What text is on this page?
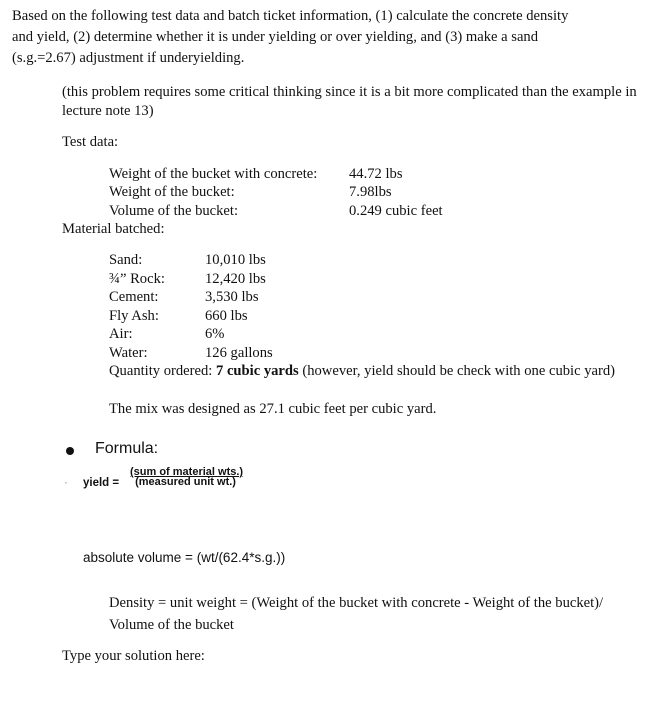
Based on the following test data and batch ticket information, (1) calculate the concrete density

and yield, (2) determine whether it is under yielding or over yielding, and (3) make a sand

(s.g.=2.67) adjustment if underyielding.

(this problem requires some critical thinking since it is a bit more complicated than the example in lecture note 13)
Test data:
Weight of the bucket with concrete: 44.72 lbs
Weight of the bucket:	7.98lbs
Volume of the bucket:	0.249 cubic feet
Material batched:
Sand:	10,010 lbs
¾” Rock:	12,420 lbs
Cement:	3,530 lbs
Fly Ash:	660 lbs
Air:	6%
Water:	126 gallons
Quantity ordered: 7 cubic yards (however, yield should be check with one cubic yard)
The mix was designed as 27.1 cubic feet per cubic yard.
Formula:
· yield =
(sum of material wts.)
(measured unit wt.)
absolute volume = (wt/(62.4*s.g.))
Density = unit weight = (Weight of the bucket with concrete - Weight of the bucket)/ Volume of the bucket
Type your solution here:
